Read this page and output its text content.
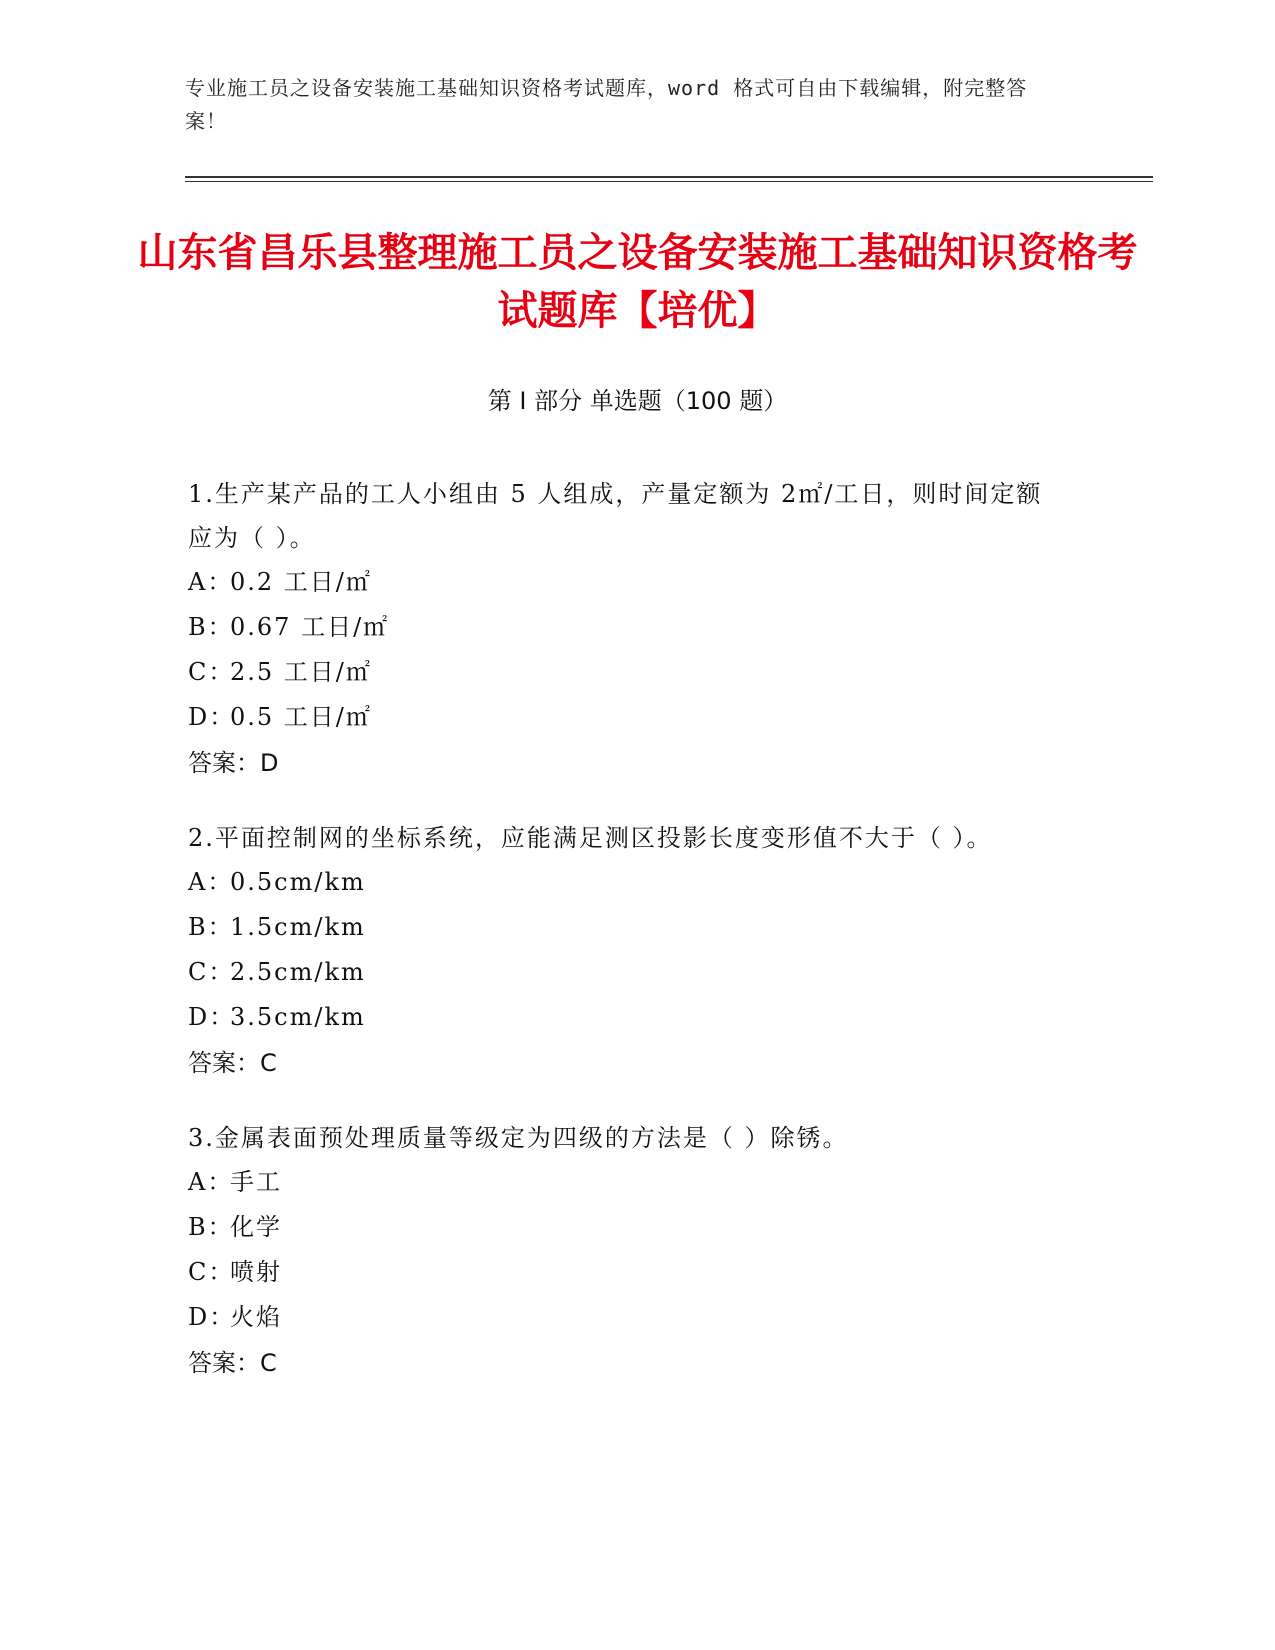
专业施工员之设备安装施工基础知识资格考试题库，word 格式可自由下载编辑，附完整答案！
山东省昌乐县整理施工员之设备安装施工基础知识资格考试题库【培优】
第 I 部分 单选题（100 题）

1.生产某产品的工人小组由 5 人组成，产量定额为 2㎡/工日，则时间定额应为（ ）。

A：0.2 工日/㎡
B：0.67 工日/㎡
C：2.5 工日/㎡
D：0.5 工日/㎡
答案：D

2.平面控制网的坐标系统，应能满足测区投影长度变形值不大于（ ）。

A：0.5cm/km
B：1.5cm/km
C：2.5cm/km
D：3.5cm/km
答案：C

3.金属表面预处理质量等级定为四级的方法是（ ）除锈。

A：手工
B：化学
C：喷射
D：火焰
答案：C
